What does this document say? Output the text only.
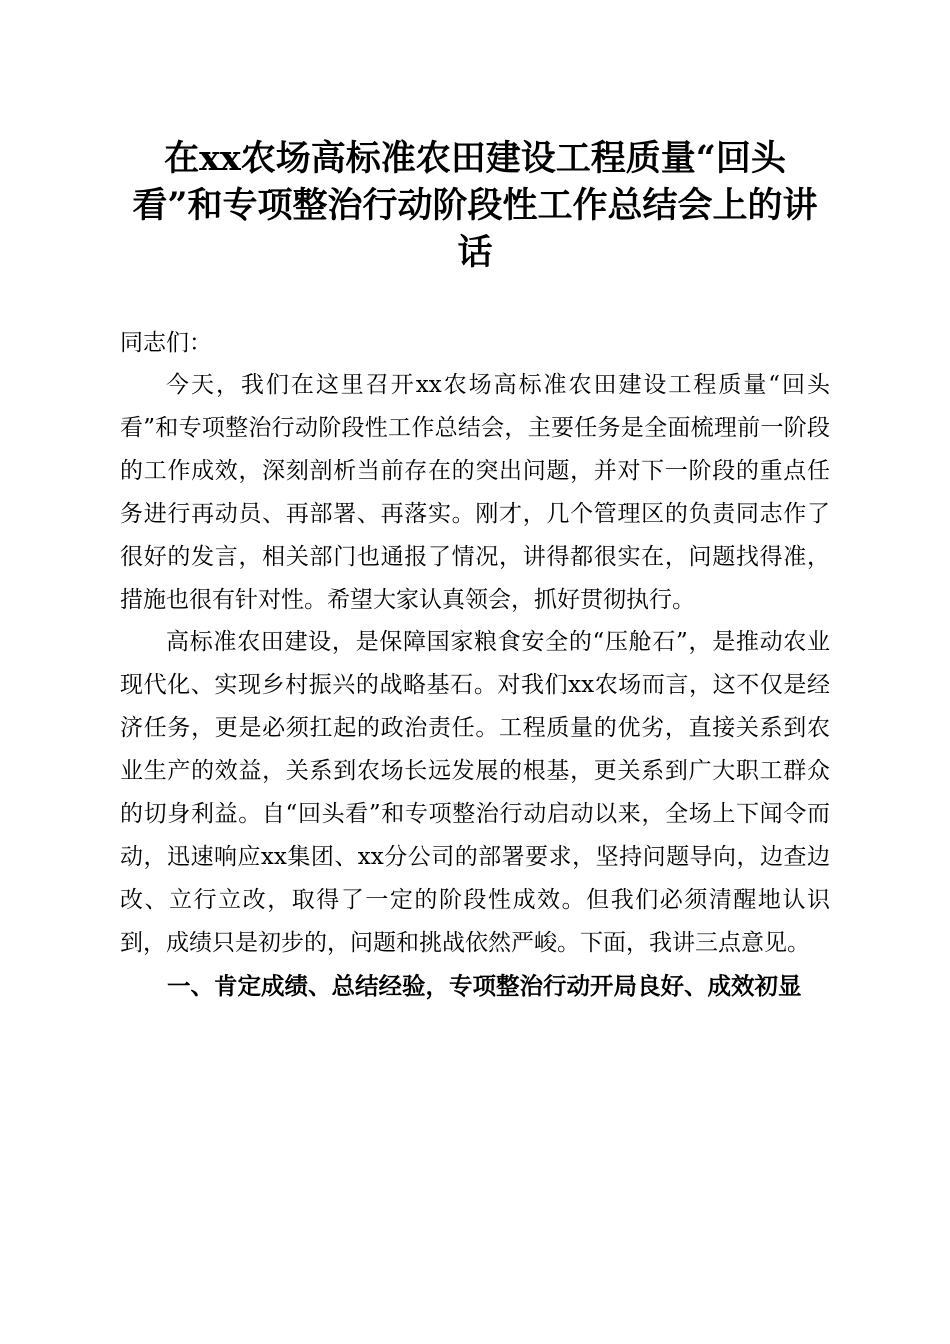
在xx农场高标准农田建设工程质量“回头看”和专项整治行动阶段性工作总结会上的讲话

同志们：

今天，我们在这里召开xx农场高标准农田建设工程质量“回头看”和专项整治行动阶段性工作总结会，主要任务是全面梳理前一阶段的工作成效，深刻剖析当前存在的突出问题，并对下一阶段的重点任务进行再动员、再部署、再落实。刚才，几个管理区的负责同志作了很好的发言，相关部门也通报了情况，讲得都很实在，问题找得准，措施也很有针对性。希望大家认真领会，抓好贯彻执行。

高标准农田建设，是保障国家粮食安全的“压舱石”，是推动农业现代化、实现乡村振兴的战略基石。对我们xx农场而言，这不仅是经济任务，更是必须扛起的政治责任。工程质量的优劣，直接关系到农业生产的效益，关系到农场长远发展的根基，更关系到广大职工群众的切身利益。自“回头看”和专项整治行动启动以来，全场上下闻令而动，迅速响应xx集团、xx分公司的部署要求，坚持问题导向，边查边改、立行立改，取得了一定的阶段性成效。但我们必须清醒地认识到，成绩只是初步的，问题和挑战依然严峻。下面，我讲三点意见。

一、肯定成绩、总结经验，专项整治行动开局良好、成效初显
